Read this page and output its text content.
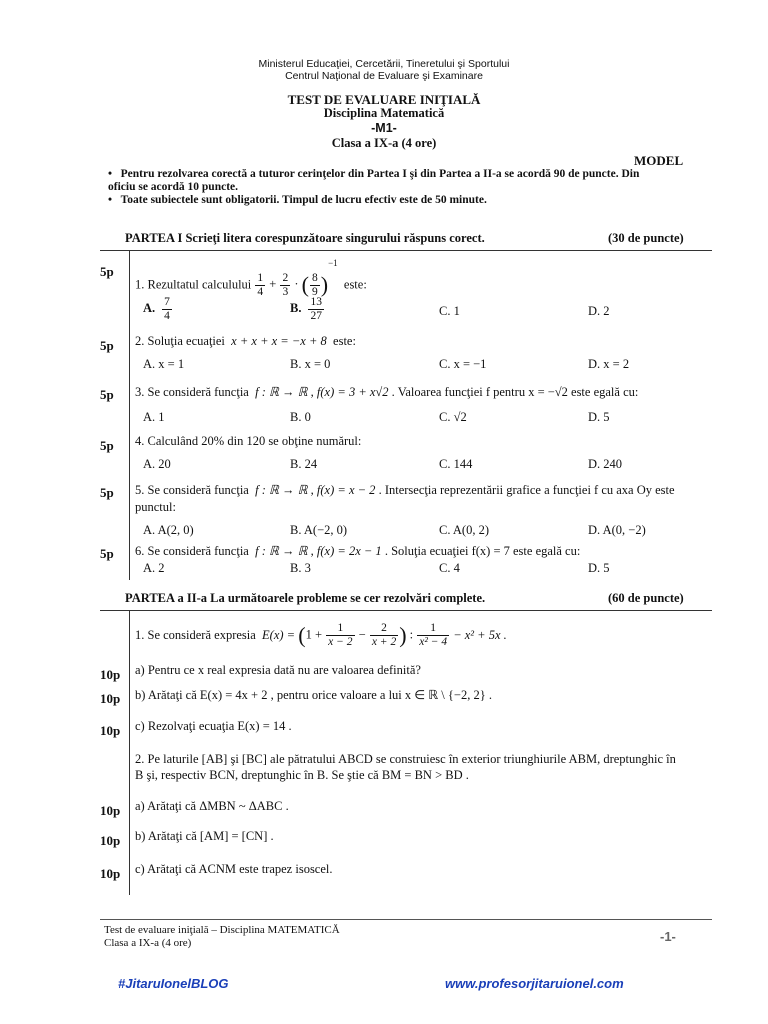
Ministerul Educaţiei, Cercetării, Tineretului şi Sportului
Centrul Naţional de Evaluare şi Examinare
TEST DE EVALUARE INIŢIALĂ
Disciplina Matematică
-M1-
Clasa a IX-a (4 ore)
MODEL
•   Pentru rezolvarea corectă a tuturor cerinţelor din Partea I şi din Partea a II-a se acordă 90 de puncte. Din
oficiu se acordă 10 puncte.
•   Toate subiectele sunt obligatorii. Timpul de lucru efectiv este de 50 minute.
PARTEA I Scrieţi litera corespunzătoare singurului răspuns corect.	(30 de puncte)
5p
1. Rezultatul calculului $\frac{1}{4} + \frac{2}{3}$ · ( $\frac{8}{9} )^{-1}$  este:
A. $\frac{7}{4}$	B. $\frac{13}{27}$	C. 1	D. 2
5p	2. Soluţia ecuaţiei x + x + x = −x + 8 este:
A. x = 1	B. x = 0	C. x = −1	D. x = 2
5p	3. Se consideră funcţia f : ℝ → ℝ , f(x) = 3 + x√2 . Valoarea funcţiei f pentru x = −√2 este egală cu:
A. 1	B. 0	C. √2	D. 5
5p	4. Calculând 20% din 120 se obţine numărul:
A. 20	B. 24	C. 144	D. 240
5p	5. Se consideră funcţia f : ℝ → ℝ , f(x) = x − 2 . Intersecţia reprezentării grafice a funcţiei f cu axa Oy este
punctul:
A. A(2, 0)	B. A(−2, 0)	C. A(0, 2)	D. A(0, −2)
5p	6. Se consideră funcţia f : ℝ → ℝ , f(x) = 2x − 1 . Soluţia ecuaţiei f(x) = 7 este egală cu:
A. 2	B. 3	C. 4	D. 5
PARTEA a II-a La următoarele probleme se cer rezolvări complete.	(60 de puncte)
1. Se consideră expresia $E(x) = (1 + \frac{1}{x - 2} - \frac{2}{x + 2}$ ) : $\frac{1}{\text{x² − 4}} - x^2 + 5x$ .
10p	a) Pentru ce x real expresia dată nu are valoarea definită?
10p	b) Arătaţi că E(x) = 4x + 2 , pentru orice valoare a lui x ∈ ℝ \ {−2, 2} .
10p	c) Rezolvaţi ecuaţia E(x) = 14 .
2. Pe laturile [AB] şi [BC] ale pătratului ABCD se construiesc în exterior triunghiurile ABM, dreptunghic în
B şi, respectiv BCN, dreptunghic în B. Se ştie că BM = BN > BD .
10p	a) Arătaţi că ΔMBN ~ ΔABC .
10p	b) Arătaţi că [AM] = [CN] .
10p	c) Arătaţi că ACNM este trapez isoscel.
Test de evaluare iniţială – Disciplina MATEMATICĂ
Clasa a IX-a (4 ore)	-1-
#JitaruIonelBLOG	www.profesorjitaruionel.com
